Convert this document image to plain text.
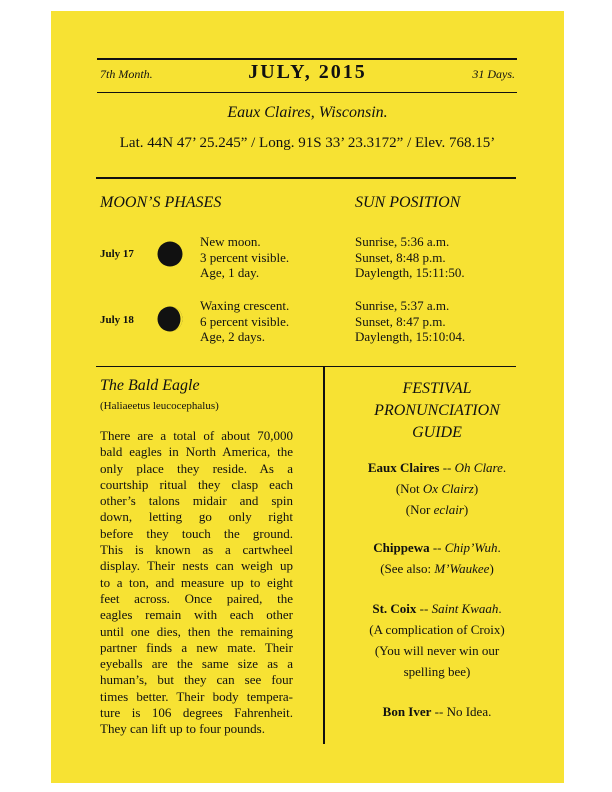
7th Month.	JULY, 2015	31 Days.
Eaux Claires, Wisconsin.
Lat. 44N 47’ 25.245” / Long. 91S 33’ 23.3172” / Elev. 768.15’
MOON’S PHASES
July 17
New moon.
3 percent visible.
Age, 1 day.
July 18
Waxing crescent.
6 percent visible.
Age, 2 days.
SUN POSITION
Sunrise, 5:36 a.m.
Sunset, 8:48 p.m.
Daylength, 15:11:50.
Sunrise, 5:37 a.m.
Sunset, 8:47 p.m.
Daylength, 15:10:04.
The Bald Eagle
(Haliaeetus leucocephalus)
There are a total of about 70,000
bald eagles in North America, the
only place they reside. As a
courtship ritual they clasp each
other’s talons midair and spin
down, letting go only right
before they touch the ground.
This is known as a cartwheel
display. Their nests can weigh up
to a ton, and measure up to eight
feet across. Once paired, the
eagles remain with each other
until one dies, then the remaining
partner finds a new mate. Their
eyeballs are the same size as a
human’s, but they can see four
times better. Their body tempera-
ture is 106 degrees Fahrenheit.
They can lift up to four pounds.
FESTIVAL
PRONUNCIATION
GUIDE
Eaux Claires -- Oh Clare.
(Not Ox Clairz)
(Nor eclair)
Chippewa -- Chip’Wuh.
(See also: M’Waukee)
St. Coix -- Saint Kwaah.
(A complication of Croix)
(You will never win our
spelling bee)
Bon Iver -- No Idea.
